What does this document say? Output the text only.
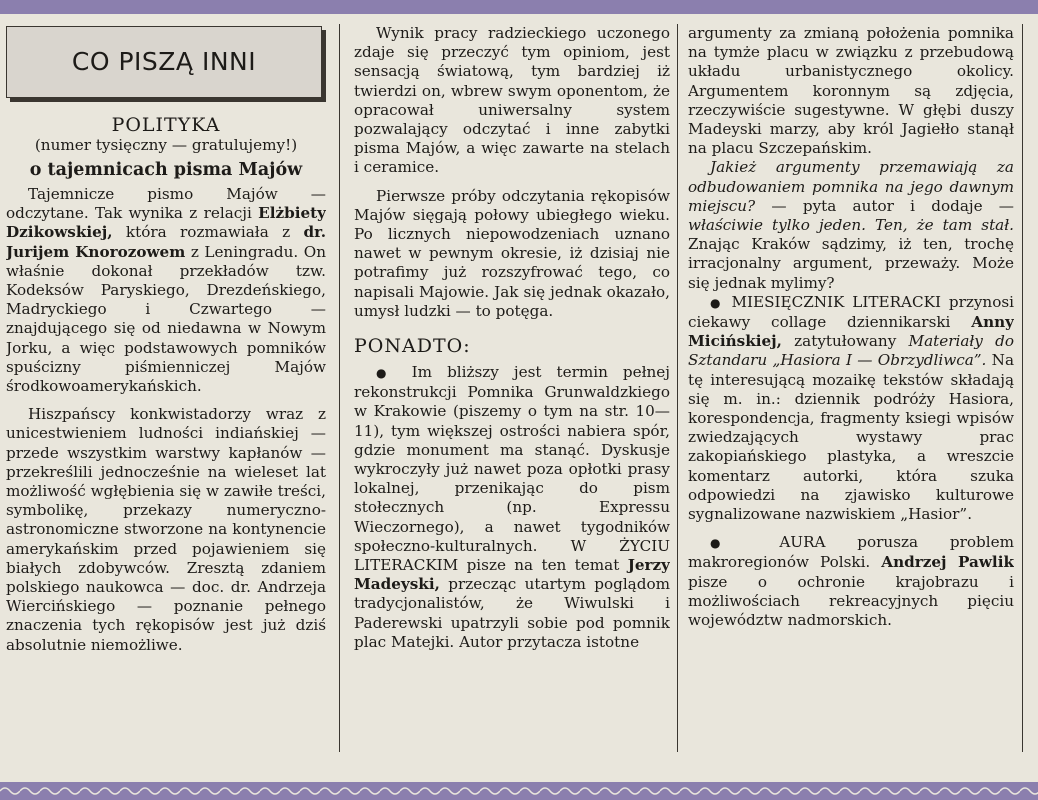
CO PISZĄ INNI
POLITYKA
(numer tysięczny — gratulujemy!)
o tajemnicach pisma Majów

Tajemnicze pismo Majów — odczytane. Tak wynika z relacji Elżbiety Dzikowskiej, która rozmawiała z dr. Jurijem Knorozowem z Leningradu. On właśnie dokonał przekładów tzw. Kodeksów Paryskiego, Drezdeńskiego, Madryckiego i Czwartego — znajdującego się od niedawna w Nowym Jorku, a więc podstawowych pomników spuścizny piśmienniczej Majów środkowoamerykańskich.

Hiszpańscy konkwistadorzy wraz z unicestwieniem ludności indiańskiej — przede wszystkim warstwy kapłanów — przekreślili jednocześnie na wieleset lat możliwość wgłębienia się w zawiłe treści, symbolikę, przekazy numeryczno-astronomiczne stworzone na kontynencie amerykańskim przed pojawieniem się białych zdobywców. Zresztą zdaniem polskiego naukowca — doc. dr. Andrzeja Wiercińskiego — poznanie pełnego znaczenia tych rękopisów jest już dziś absolutnie niemożliwe.

Wynik pracy radzieckiego uczonego zdaje się przeczyć tym opiniom, jest sensacją światową, tym bardziej iż twierdzi on, wbrew swym oponentom, że opracował uniwersalny system pozwalający odczytać i inne zabytki pisma Majów, a więc zawarte na stelach i ceramice.

Pierwsze próby odczytania rękopisów Majów sięgają połowy ubiegłego wieku. Po licznych niepowodzeniach uznano nawet w pewnym okresie, iż dzisiaj nie potrafimy już rozszyfrować tego, co napisali Majowie. Jak się jednak okazało, umysł ludzki — to potęga.

PONADTO:

● Im bliższy jest termin pełnej rekonstrukcji Pomnika Grunwaldzkiego w Krakowie (piszemy o tym na str. 10—11), tym większej ostrości nabiera spór, gdzie monument ma stanąć. Dyskusje wykroczyły już nawet poza opłotki prasy lokalnej, przenikając do pism stołecznych (np. Expressu Wieczornego), a nawet tygodników społeczno-kulturalnych. W ŻYCIU LITERACKIM pisze na ten temat Jerzy Madeyski, przecząc utartym poglądom tradycjonalistów, że Wiwulski i Paderewski upatrzyli sobie pod pomnik plac Matejki. Autor przytacza istotne

argumenty za zmianą położenia pomnika na tymże placu w związku z przebudową układu urbanistycznego okolicy. Argumentem koronnym są zdjęcia, rzeczywiście sugestywne. W głębi duszy Madeyski marzy, aby król Jagiełło stanął na placu Szczepańskim.

Jakież argumenty przemawiają za odbudowaniem pomnika na jego dawnym miejscu? — pyta autor i dodaje — właściwie tylko jeden. Ten, że tam stał. Znając Kraków sądzimy, iż ten, trochę irracjonalny argument, przeważy. Może się jednak mylimy?

● MIESIĘCZNIK LITERACKI przynosi ciekawy collage dziennikarski Anny Micińskiej, zatytułowany Materiały do Sztandaru „Hasiora I — Obrzydliwca”. Na tę interesującą mozaikę tekstów składają się m. in.: dziennik podróży Hasiora, korespondencja, fragmenty ksiegi wpisów zwiedzających wystawy prac zakopiańskiego plastyka, a wreszcie komentarz autorki, która szuka odpowiedzi na zjawisko kulturowe sygnalizowane nazwiskiem „Hasior”.

● AURA porusza problem makroregionów Polski. Andrzej Pawlik pisze o ochronie krajobrazu i możliwościach rekreacyjnych pięciu województw nadmorskich.
